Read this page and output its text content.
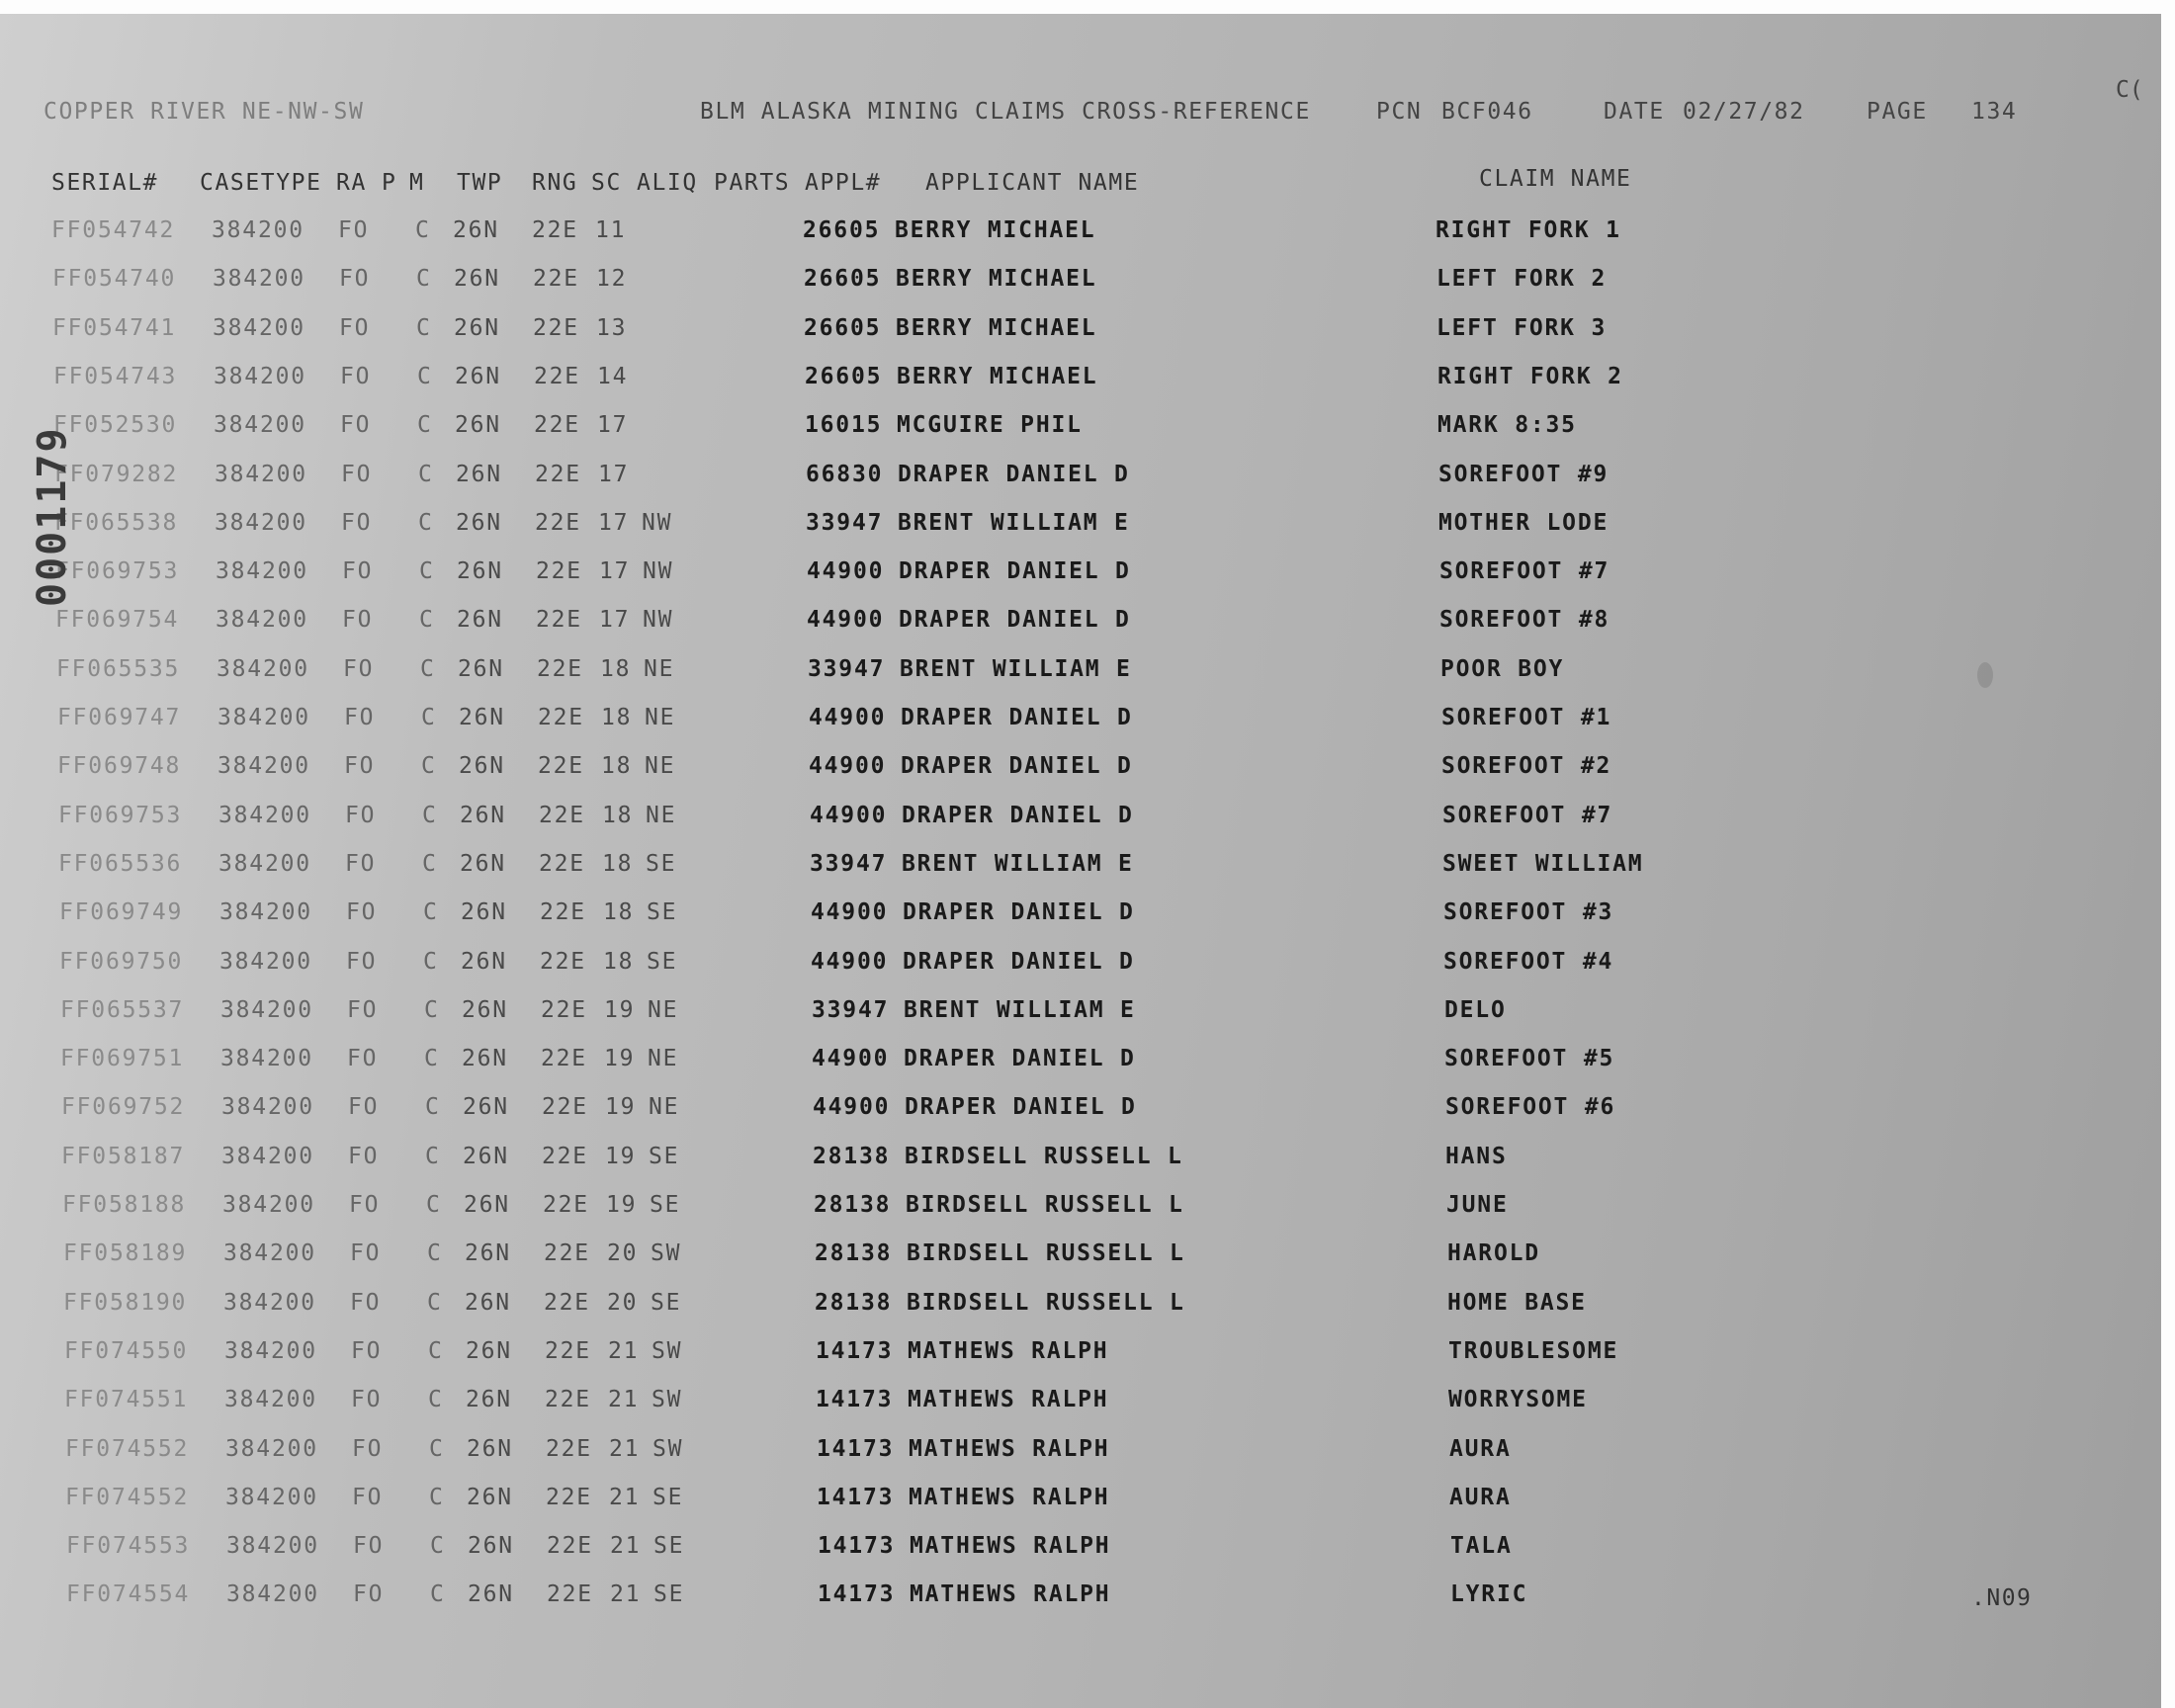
COPPER RIVER NE-NW-SW	BLM ALASKA MINING CLAIMS CROSS-REFERENCE	PCN BCF046	DATE 02/27/82	PAGE 134
C(
SERIAL# CASETYPE RA P M TWP RNG SC ALIQ PARTS APPL# APPLICANT NAME	CLAIM NAME
FF054742 384200 FO C 26N 22E 11	26605 BERRY MICHAEL	RIGHT FORK 1
FF054740 384200 FO C 26N 22E 12	26605 BERRY MICHAEL	LEFT FORK 2
FF054741 384200 FO C 26N 22E 13	26605 BERRY MICHAEL	LEFT FORK 3
FF054743 384200 FO C 26N 22E 14	26605 BERRY MICHAEL	RIGHT FORK 2
FF052530 384200 FO C 26N 22E 17	16015 MCGUIRE PHIL	MARK 8:35
FF079282 384200 FO C 26N 22E 17	66830 DRAPER DANIEL D	SOREFOOT #9
FF065538 384200 FO C 26N 22E 17 NW	33947 BRENT WILLIAM E	MOTHER LODE
FF069753 384200 FO C 26N 22E 17 NW	44900 DRAPER DANIEL D	SOREFOOT #7
FF069754 384200 FO C 26N 22E 17 NW	44900 DRAPER DANIEL D	SOREFOOT #8
FF065535 384200 FO C 26N 22E 18 NE	33947 BRENT WILLIAM E	POOR BOY
FF069747 384200 FO C 26N 22E 18 NE	44900 DRAPER DANIEL D	SOREFOOT #1
FF069748 384200 FO C 26N 22E 18 NE	44900 DRAPER DANIEL D	SOREFOOT #2
FF069753 384200 FO C 26N 22E 18 NE	44900 DRAPER DANIEL D	SOREFOOT #7
FF065536 384200 FO C 26N 22E 18 SE	33947 BRENT WILLIAM E	SWEET WILLIAM
FF069749 384200 FO C 26N 22E 18 SE	44900 DRAPER DANIEL D	SOREFOOT #3
FF069750 384200 FO C 26N 22E 18 SE	44900 DRAPER DANIEL D	SOREFOOT #4
FF065537 384200 FO C 26N 22E 19 NE	33947 BRENT WILLIAM E	DELO
FF069751 384200 FO C 26N 22E 19 NE	44900 DRAPER DANIEL D	SOREFOOT #5
FF069752 384200 FO C 26N 22E 19 NE	44900 DRAPER DANIEL D	SOREFOOT #6
FF058187 384200 FO C 26N 22E 19 SE	28138 BIRDSELL RUSSELL L	HANS
FF058188 384200 FO C 26N 22E 19 SE	28138 BIRDSELL RUSSELL L	JUNE
FF058189 384200 FO C 26N 22E 20 SW	28138 BIRDSELL RUSSELL L	HAROLD
FF058190 384200 FO C 26N 22E 20 SE	28138 BIRDSELL RUSSELL L	HOME BASE
FF074550 384200 FO C 26N 22E 21 SW	14173 MATHEWS RALPH	TROUBLESOME
FF074551 384200 FO C 26N 22E 21 SW	14173 MATHEWS RALPH	WORRYSOME
FF074552 384200 FO C 26N 22E 21 SW	14173 MATHEWS RALPH	AURA
FF074552 384200 FO C 26N 22E 21 SE	14173 MATHEWS RALPH	AURA
FF074553 384200 FO C 26N 22E 21 SE	14173 MATHEWS RALPH	TALA
FF074554 384200 FO C 26N 22E 21 SE	14173 MATHEWS RALPH	LYRIC
0001179
.N09
